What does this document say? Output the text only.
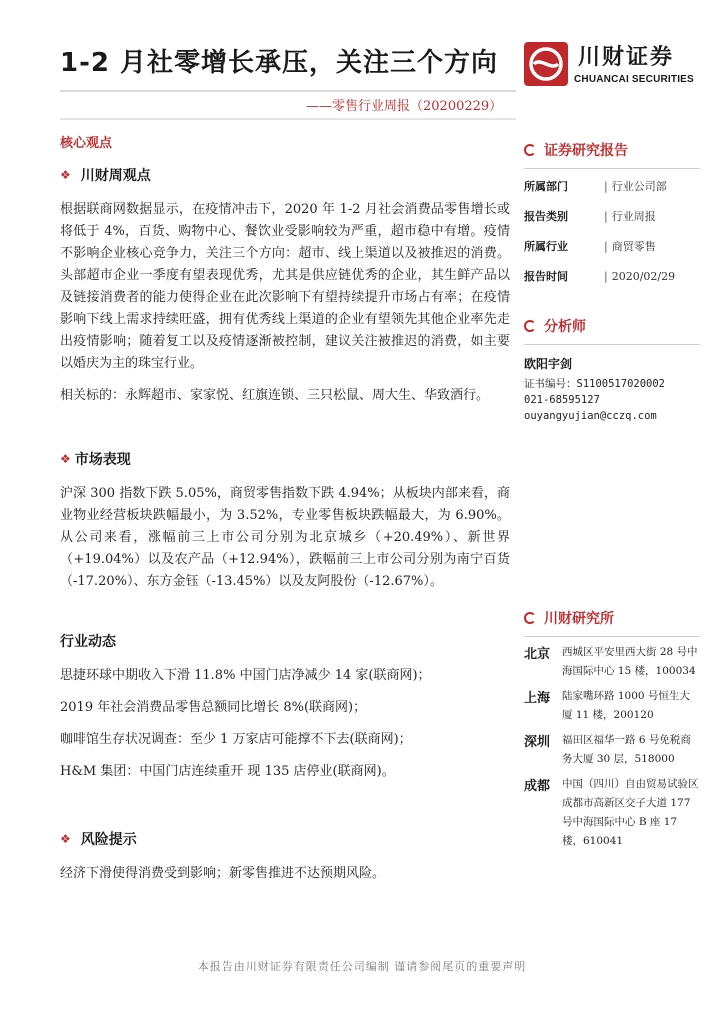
1-2 月社零增长承压，关注三个方向	川财证券
CHUANCAI SECURITIES
——零售行业周报（20200229）
核心观点
❖ 川财周观点

根据联商网数据显示，在疫情冲击下，2020 年 1-2 月社会消费品零售增长或将低于 4%，百货、购物中心、餐饮业受影响较为严重，超市稳中有增。疫情不影响企业核心竞争力，关注三个方向：超市、线上渠道以及被推迟的消费。头部超市企业一季度有望表现优秀，尤其是供应链优秀的企业，其生鲜产品以及链接消费者的能力使得企业在此次影响下有望持续提升市场占有率；在疫情影响下线上需求持续旺盛，拥有优秀线上渠道的企业有望领先其他企业率先走出疫情影响；随着复工以及疫情逐渐被控制，建议关注被推迟的消费，如主要以婚庆为主的珠宝行业。

相关标的：永辉超市、家家悦、红旗连锁、三只松鼠、周大生、华致酒行。

❖ 市场表现

沪深 300 指数下跌 5.05%，商贸零售指数下跌 4.94%；从板块内部来看，商业物业经营板块跌幅最小，为 3.52%，专业零售板块跌幅最大，为 6.90%。从公司来看，涨幅前三上市公司分别为北京城乡（+20.49%）、新世界（+19.04%）以及农产品（+12.94%），跌幅前三上市公司分别为南宁百货（-17.20%）、东方金钰（-13.45%）以及友阿股份（-12.67%）。

行业动态
思捷环球中期收入下滑 11.8% 中国门店净减少 14 家(联商网)；
2019 年社会消费品零售总额同比增长 8%(联商网)；
咖啡馆生存状况调查：至少 1 万家店可能撑不下去(联商网)；
H&M 集团：中国门店连续重开 现 135 店停业(联商网)。
❖ 风险提示

经济下滑使得消费受到影响；新零售推进不达预期风险。

证券研究报告
所属部门	| 行业公司部
报告类别	| 行业周报
所属行业	| 商贸零售
报告时间	| 2020/02/29
分析师
欧阳宇剑
证书编号：S1100517020002
021-68595127
ouyangyujian@cczq.com
川财研究所
北京	西城区平安里西大街 28 号中海国际中心 15 楼，100034
上海	陆家嘴环路 1000 号恒生大厦 11 楼，200120
深圳	福田区福华一路 6 号免税商务大厦 30 层，518000
成都	中国（四川）自由贸易试验区成都市高新区交子大道 177 号中海国际中心 B 座 17 楼，610041
本报告由川财证券有限责任公司编制 谨请参阅尾页的重要声明
